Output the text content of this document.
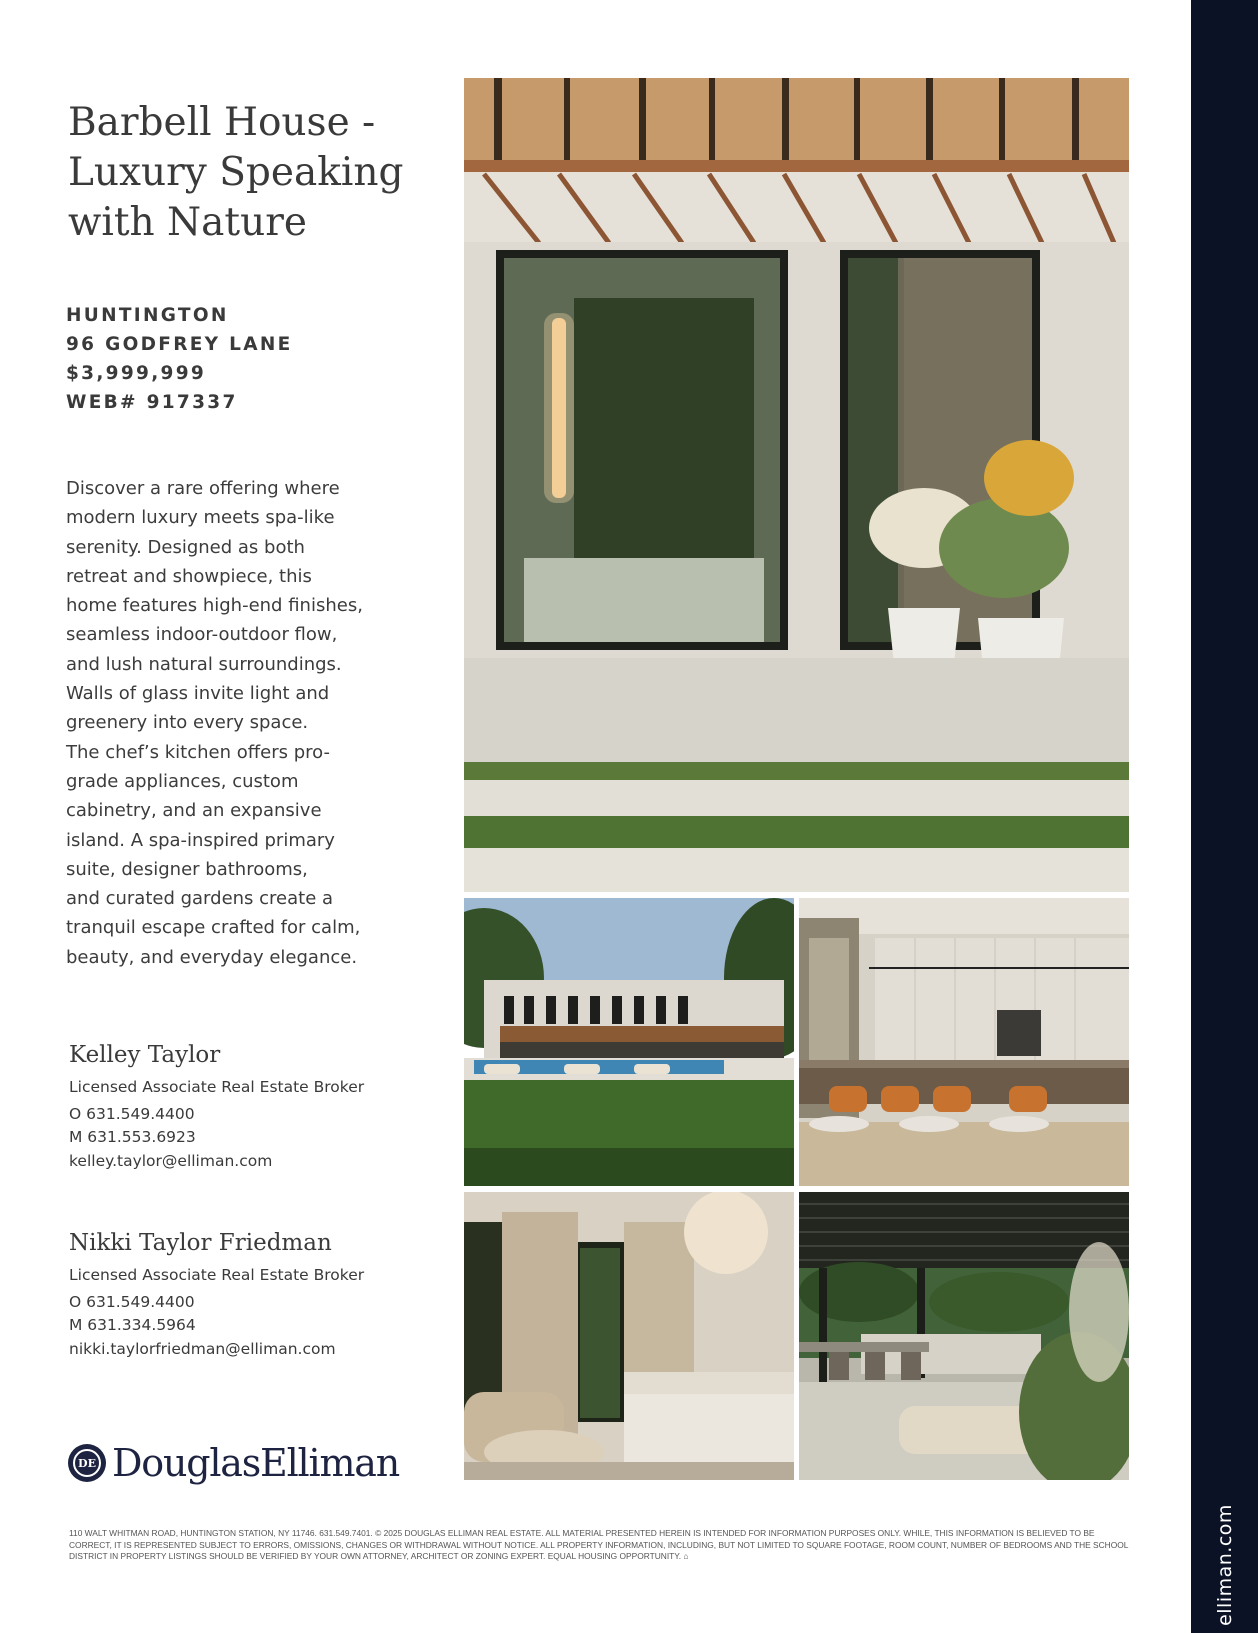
Barbell House -
Luxury Speaking
with Nature
HUNTINGTON
96 GODFREY LANE
$3,999,999
WEB# 917337

Discover a rare offering where
modern luxury meets spa-like
serenity. Designed as both
retreat and showpiece, this
home features high-end finishes,
seamless indoor-outdoor flow,
and lush natural surroundings.
Walls of glass invite light and
greenery into every space.
The chef’s kitchen offers pro-
grade appliances, custom
cabinetry, and an expansive
island. A spa-inspired primary
suite, designer bathrooms,
and curated gardens create a
tranquil escape crafted for calm,
beauty, and everyday elegance.

Kelley Taylor
Licensed Associate Real Estate Broker
O 631.549.4400
M 631.553.6923
kelley.taylor@elliman.com
Nikki Taylor Friedman
Licensed Associate Real Estate Broker
O 631.549.4400
M 631.334.5964
nikki.taylorfriedman@elliman.com
DE DouglasElliman

110 WALT WHITMAN ROAD, HUNTINGTON STATION, NY 11746. 631.549.7401. © 2025 DOUGLAS ELLIMAN REAL ESTATE. ALL MATERIAL PRESENTED HEREIN IS INTENDED FOR INFORMATION PURPOSES ONLY. WHILE, THIS INFORMATION IS BELIEVED TO BE CORRECT, IT IS REPRESENTED SUBJECT TO ERRORS, OMISSIONS, CHANGES OR WITHDRAWAL WITHOUT NOTICE. ALL PROPERTY INFORMATION, INCLUDING, BUT NOT LIMITED TO SQUARE FOOTAGE, ROOM COUNT, NUMBER OF BEDROOMS AND THE SCHOOL DISTRICT IN PROPERTY LISTINGS SHOULD BE VERIFIED BY YOUR OWN ATTORNEY, ARCHITECT OR ZONING EXPERT. EQUAL HOUSING OPPORTUNITY. ⌂	elliman.com
